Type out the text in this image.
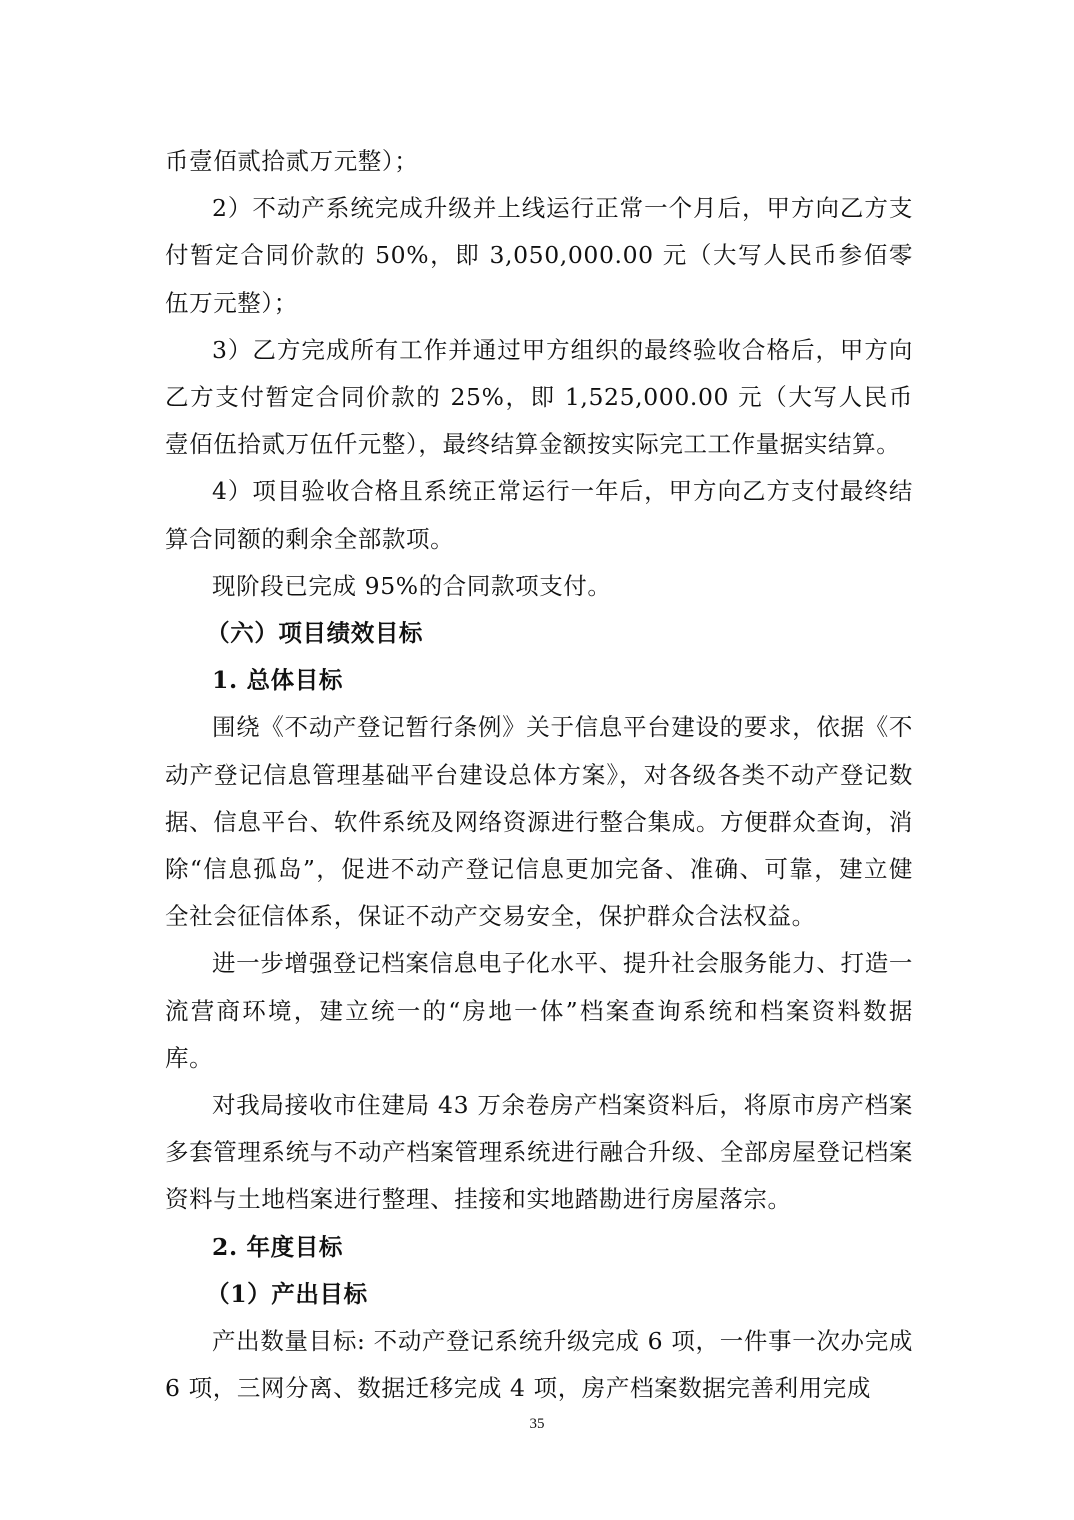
币壹佰贰拾贰万元整）；

2）不动产系统完成升级并上线运行正常一个月后，甲方向乙方支付暂定合同价款的 50%，即 3,050,000.00 元（大写人民币参佰零伍万元整）；

3）乙方完成所有工作并通过甲方组织的最终验收合格后，甲方向乙方支付暂定合同价款的 25%，即 1,525,000.00 元（大写人民币壹佰伍拾贰万伍仟元整），最终结算金额按实际完工工作量据实结算。

4）项目验收合格且系统正常运行一年后，甲方向乙方支付最终结算合同额的剩余全部款项。

现阶段已完成 95%的合同款项支付。

（六）项目绩效目标

1. 总体目标

围绕《不动产登记暂行条例》关于信息平台建设的要求，依据《不动产登记信息管理基础平台建设总体方案》，对各级各类不动产登记数据、信息平台、软件系统及网络资源进行整合集成。方便群众查询，消除“信息孤岛”，促进不动产登记信息更加完备、准确、可靠，建立健全社会征信体系，保证不动产交易安全，保护群众合法权益。

进一步增强登记档案信息电子化水平、提升社会服务能力、打造一流营商环境，建立统一的“房地一体”档案查询系统和档案资料数据库。

对我局接收市住建局 43 万余卷房产档案资料后，将原市房产档案多套管理系统与不动产档案管理系统进行融合升级、全部房屋登记档案资料与土地档案进行整理、挂接和实地踏勘进行房屋落宗。

2. 年度目标

（1）产出目标

产出数量目标: 不动产登记系统升级完成 6 项，一件事一次办完成 6 项，三网分离、数据迁移完成 4 项，房产档案数据完善利用完成

35
